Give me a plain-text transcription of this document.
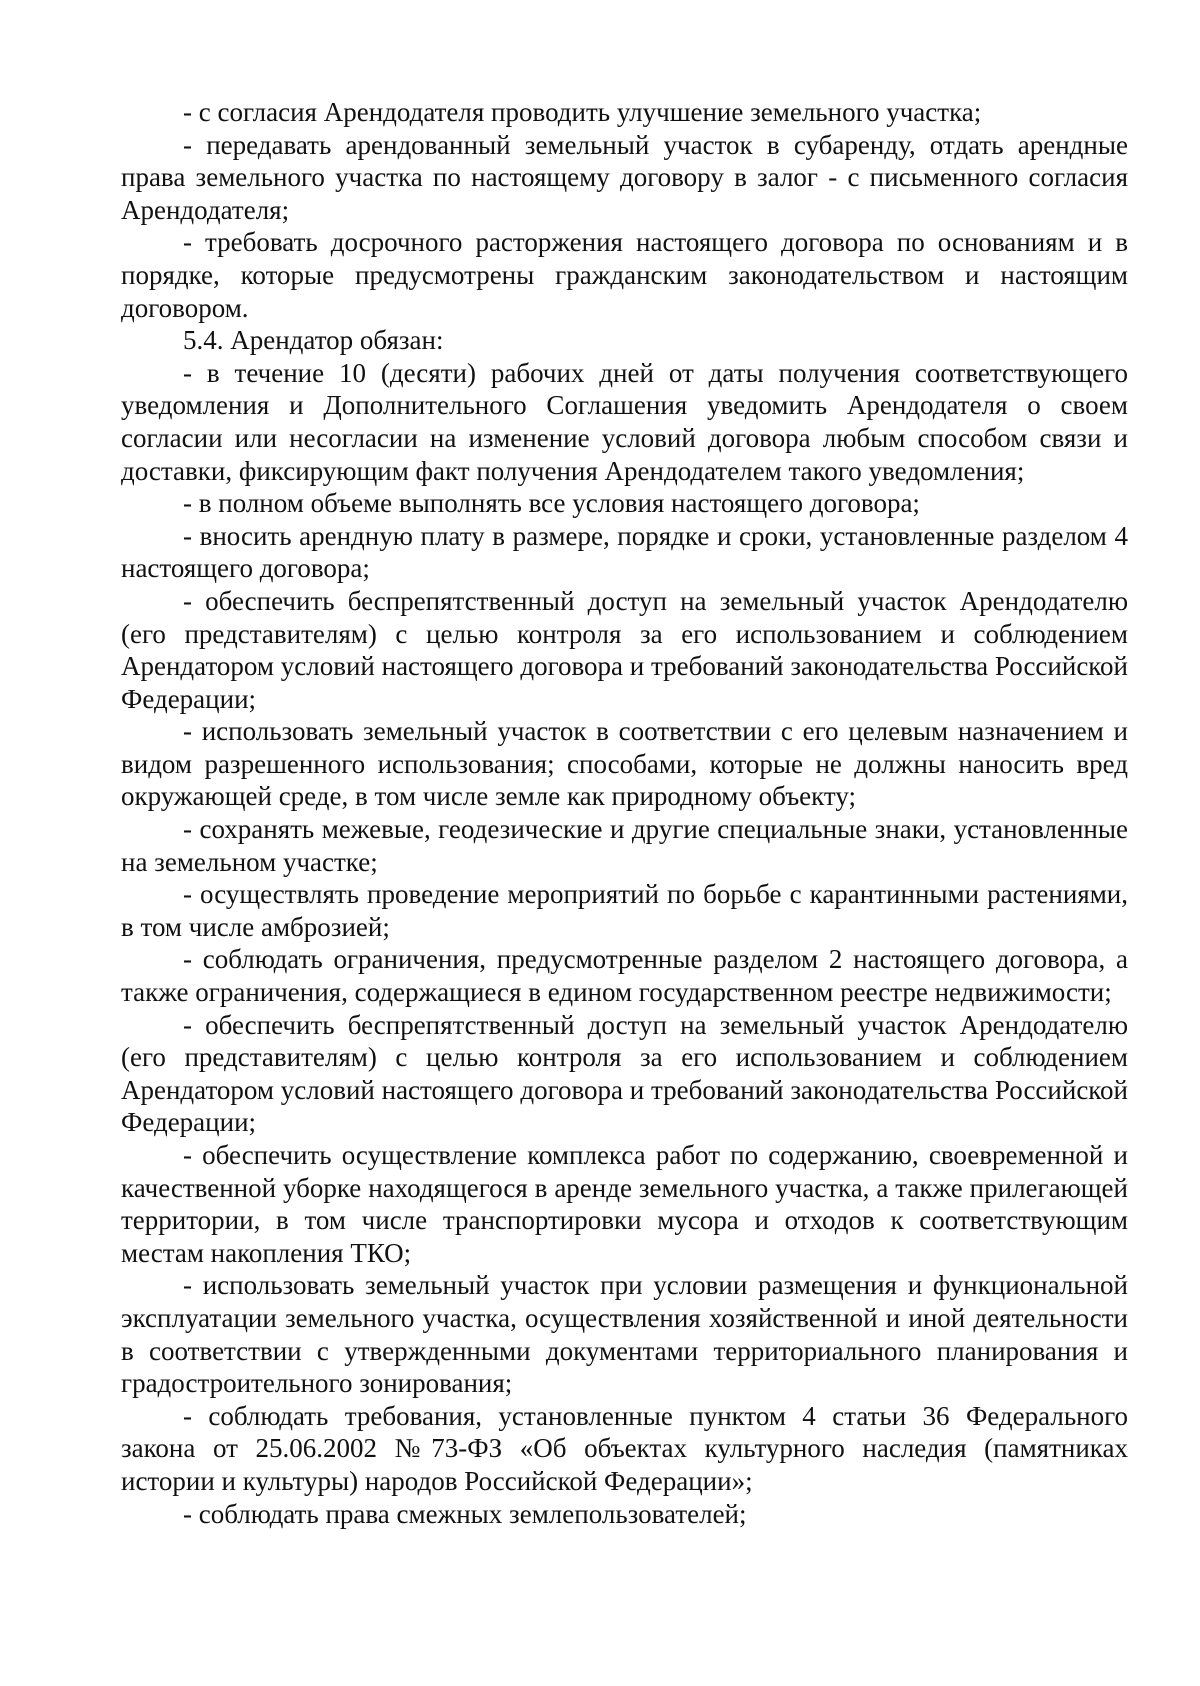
- с согласия Арендодателя проводить улучшение земельного участка;

- передавать арендованный земельный участок в субаренду, отдать арендные права земельного участка по настоящему договору в залог - с письменного согласия Арендодателя;

- требовать досрочного расторжения настоящего договора по основаниям и в порядке, которые предусмотрены гражданским законодательством и настоящим договором.

5.4. Арендатор обязан:

- в течение 10 (десяти) рабочих дней от даты получения соответствующего уведомления и Дополнительного Соглашения уведомить Арендодателя о своем согласии или несогласии на изменение условий договора любым способом связи и доставки, фиксирующим факт получения Арендодателем такого уведомления;

- в полном объеме выполнять все условия настоящего договора;

- вносить арендную плату в размере, порядке и сроки, установленные разделом 4 настоящего договора;

- обеспечить беспрепятственный доступ на земельный участок Арендодателю (его представителям) с целью контроля за его использованием и соблюдением Арендатором условий настоящего договора и требований законодательства Российской Федерации;

- использовать земельный участок в соответствии с его целевым назначением и видом разрешенного использования; способами, которые не должны наносить вред окружающей среде, в том числе земле как природному объекту;

- сохранять межевые, геодезические и другие специальные знаки, установленные на земельном участке;

- осуществлять проведение мероприятий по борьбе с карантинными растениями, в том числе амброзией;

- соблюдать ограничения, предусмотренные разделом 2 настоящего договора, а также ограничения, содержащиеся в едином государственном реестре недвижимости;

- обеспечить беспрепятственный доступ на земельный участок Арендодателю (его представителям) с целью контроля за его использованием и соблюдением Арендатором условий настоящего договора и требований законодательства Российской Федерации;

- обеспечить осуществление комплекса работ по содержанию, своевременной и качественной уборке находящегося в аренде земельного участка, а также прилегающей территории, в том числе транспортировки мусора и отходов к соответствующим местам накопления ТКО;

- использовать земельный участок при условии размещения и функциональной эксплуатации земельного участка, осуществления хозяйственной и иной деятельности в соответствии с утвержденными документами территориального планирования и градостроительного зонирования;

- соблюдать требования, установленные пунктом 4 статьи 36 Федерального закона от 25.06.2002 №73-ФЗ «Об объектах культурного наследия (памятниках истории и культуры) народов Российской Федерации»;

- соблюдать права смежных землепользователей;
